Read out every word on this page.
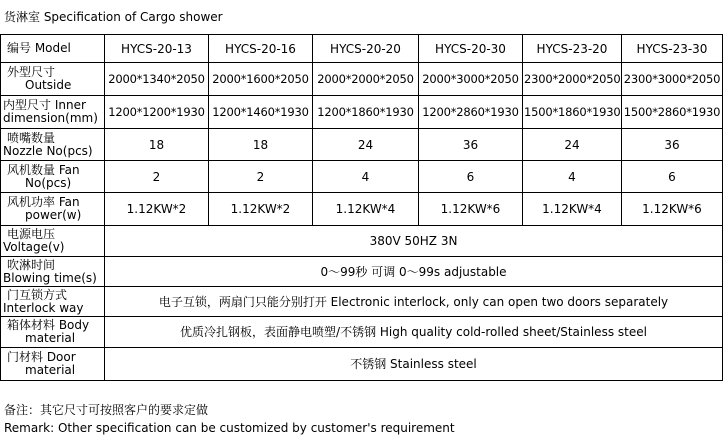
货淋室 Specification of Cargo shower
编号 Model	HYCS-20-13	HYCS-20-16	HYCS-20-20	HYCS-20-30	HYCS-23-20	HYCS-23-30

外型尺寸
Outside	2000*1340*2050	2000*1600*2050	2000*2000*2050	2000*3000*2050	2300*2000*2050	2300*3000*2050

内型尺寸 Inner
dimension(mm)	1200*1200*1930	1200*1460*1930	1200*1860*1930	1200*2860*1930	1500*1860*1930	1500*2860*1930

喷嘴数量
Nozzle No(pcs)	18	18	24	36	24	36

风机数量 Fan
No(pcs)	2	2	4	6	4	6

风机功率 Fan
power(w)	1.12KW*2	1.12KW*2	1.12KW*4	1.12KW*6	1.12KW*4	1.12KW*6

电源电压
Voltage(v)	380V 50HZ 3N					

吹淋时间
Blowing time(s)	0～99秒 可调 0～99s adjustable					

门互锁方式
Interlock way	电子互锁，两扇门只能分别打开 Electronic interlock, only can open two doors separately					

箱体材料 Body
material	优质冷扎钢板，表面静电喷塑/不锈钢 High quality cold-rolled sheet/Stainless steel					

门材料 Door
material	不锈钢 Stainless steel					
备注：其它尺寸可按照客户的要求定做
Remark: Other specification can be customized by customer's requirement
